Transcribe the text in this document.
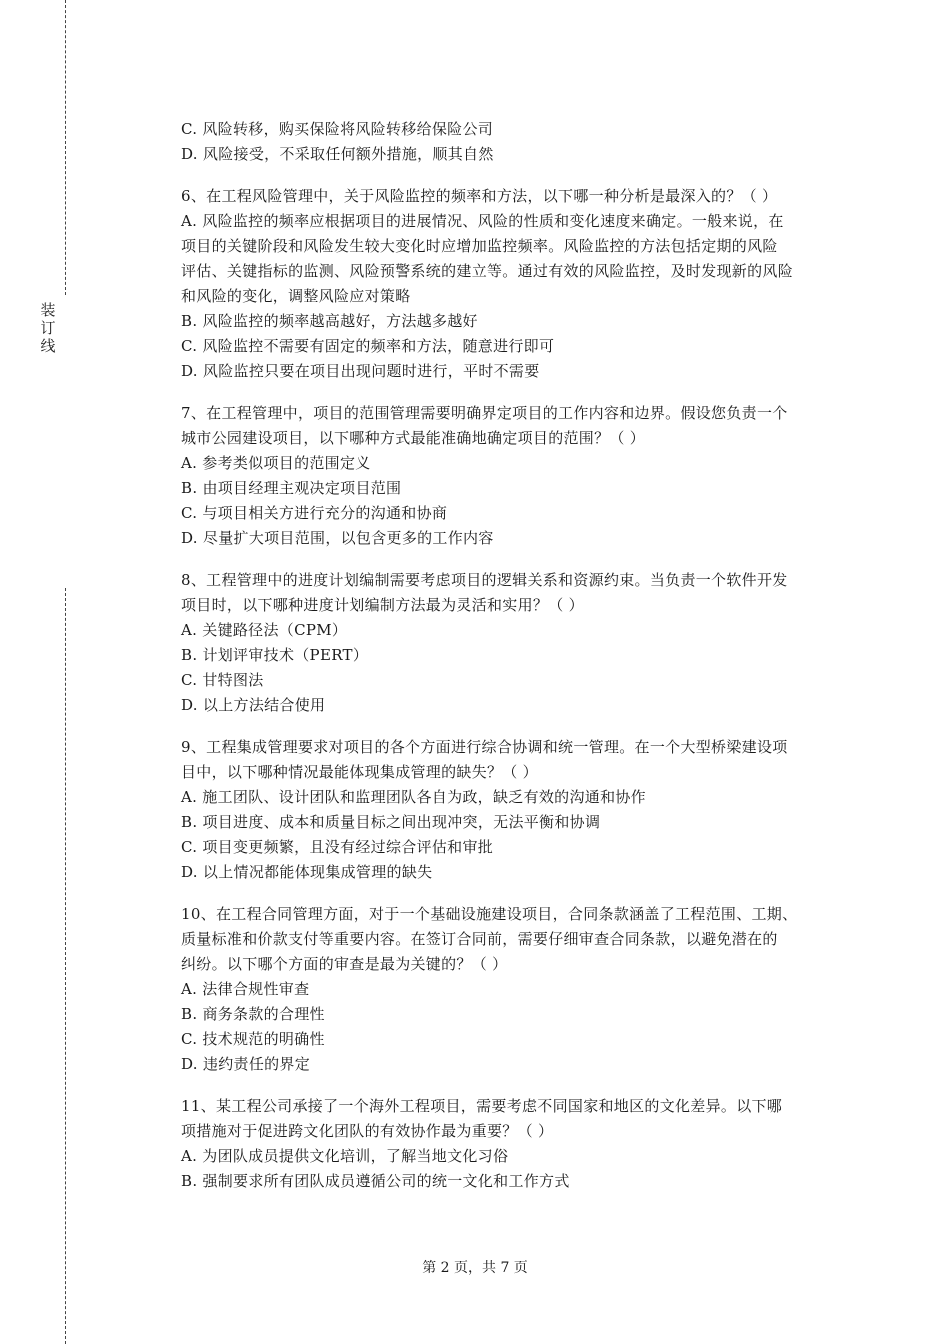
装
订
线
C. 风险转移，购买保险将风险转移给保险公司
D. 风险接受，不采取任何额外措施，顺其自然
6、在工程风险管理中，关于风险监控的频率和方法，以下哪一种分析是最深入的？（ ）
A. 风险监控的频率应根据项目的进展情况、风险的性质和变化速度来确定。一般来说，在
项目的关键阶段和风险发生较大变化时应增加监控频率。风险监控的方法包括定期的风险
评估、关键指标的监测、风险预警系统的建立等。通过有效的风险监控，及时发现新的风险
和风险的变化，调整风险应对策略
B. 风险监控的频率越高越好，方法越多越好
C. 风险监控不需要有固定的频率和方法，随意进行即可
D. 风险监控只要在项目出现问题时进行，平时不需要
7、在工程管理中，项目的范围管理需要明确界定项目的工作内容和边界。假设您负责一个
城市公园建设项目，以下哪种方式最能准确地确定项目的范围？（ ）
A. 参考类似项目的范围定义
B. 由项目经理主观决定项目范围
C. 与项目相关方进行充分的沟通和协商
D. 尽量扩大项目范围，以包含更多的工作内容
8、工程管理中的进度计划编制需要考虑项目的逻辑关系和资源约束。当负责一个软件开发
项目时，以下哪种进度计划编制方法最为灵活和实用？（ ）
A. 关键路径法（CPM）
B. 计划评审技术（PERT）
C. 甘特图法
D. 以上方法结合使用
9、工程集成管理要求对项目的各个方面进行综合协调和统一管理。在一个大型桥梁建设项
目中，以下哪种情况最能体现集成管理的缺失？（ ）
A. 施工团队、设计团队和监理团队各自为政，缺乏有效的沟通和协作
B. 项目进度、成本和质量目标之间出现冲突，无法平衡和协调
C. 项目变更频繁，且没有经过综合评估和审批
D. 以上情况都能体现集成管理的缺失
10、在工程合同管理方面，对于一个基础设施建设项目，合同条款涵盖了工程范围、工期、
质量标准和价款支付等重要内容。在签订合同前，需要仔细审查合同条款，以避免潜在的
纠纷。以下哪个方面的审查是最为关键的？（ ）
A. 法律合规性审查
B. 商务条款的合理性
C. 技术规范的明确性
D. 违约责任的界定
11、某工程公司承接了一个海外工程项目，需要考虑不同国家和地区的文化差异。以下哪
项措施对于促进跨文化团队的有效协作最为重要？（ ）
A. 为团队成员提供文化培训，了解当地文化习俗
B. 强制要求所有团队成员遵循公司的统一文化和工作方式
第 2 页，共 7 页
